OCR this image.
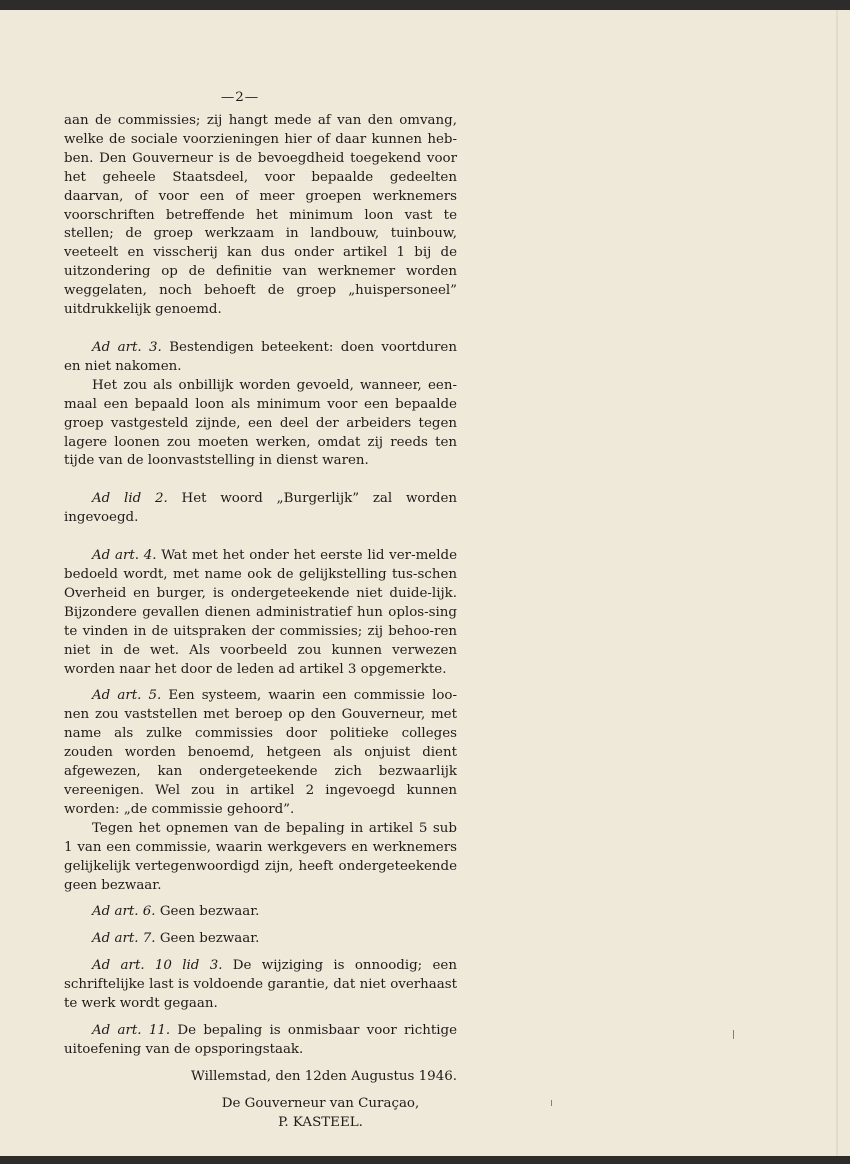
—2—

aan de commissies; zij hangt mede af van den omvang, welke de sociale voorzieningen hier of daar kunnen heb-ben. Den Gouverneur is de bevoegdheid toegekend voor het geheele Staatsdeel, voor bepaalde gedeelten daarvan, of voor een of meer groepen werknemers voorschriften betreffende het minimum loon vast te stellen; de groep werkzaam in landbouw, tuinbouw, veeteelt en visscherij kan dus onder artikel 1 bij de uitzondering op de definitie van werknemer worden weggelaten, noch behoeft de groep „huispersoneel” uitdrukkelijk genoemd.

Ad art. 3. Bestendigen beteekent: doen voortduren en niet nakomen.

Het zou als onbillijk worden gevoeld, wanneer, een-maal een bepaald loon als minimum voor een bepaalde groep vastgesteld zijnde, een deel der arbeiders tegen lagere loonen zou moeten werken, omdat zij reeds ten tijde van de loonvaststelling in dienst waren.

Ad lid 2. Het woord „Burgerlijk” zal worden ingevoegd.

Ad art. 4. Wat met het onder het eerste lid ver-melde bedoeld wordt, met name ook de gelijkstelling tus-schen Overheid en burger, is ondergeteekende niet duide-lijk. Bijzondere gevallen dienen administratief hun oplos-sing te vinden in de uitspraken der commissies; zij behoo-ren niet in de wet. Als voorbeeld zou kunnen verwezen worden naar het door de leden ad artikel 3 opgemerkte.

Ad art. 5. Een systeem, waarin een commissie loo-nen zou vaststellen met beroep op den Gouverneur, met name als zulke commissies door politieke colleges zouden worden benoemd, hetgeen als onjuist dient afgewezen, kan ondergeteekende zich bezwaarlijk vereenigen. Wel zou in artikel 2 ingevoegd kunnen worden: „de commissie gehoord”.

Tegen het opnemen van de bepaling in artikel 5 sub 1 van een commissie, waarin werkgevers en werknemers gelijkelijk vertegenwoordigd zijn, heeft ondergeteekende geen bezwaar.

Ad art. 6. Geen bezwaar.

Ad art. 7. Geen bezwaar.

Ad art. 10 lid 3. De wijziging is onnoodig; een schriftelijke last is voldoende garantie, dat niet overhaast te werk wordt gegaan.

Ad art. 11. De bepaling is onmisbaar voor richtige uitoefening van de opsporingstaak.

Willemstad, den 12den Augustus 1946.

De Gouverneur van Curaçao,

P. KASTEEL.
